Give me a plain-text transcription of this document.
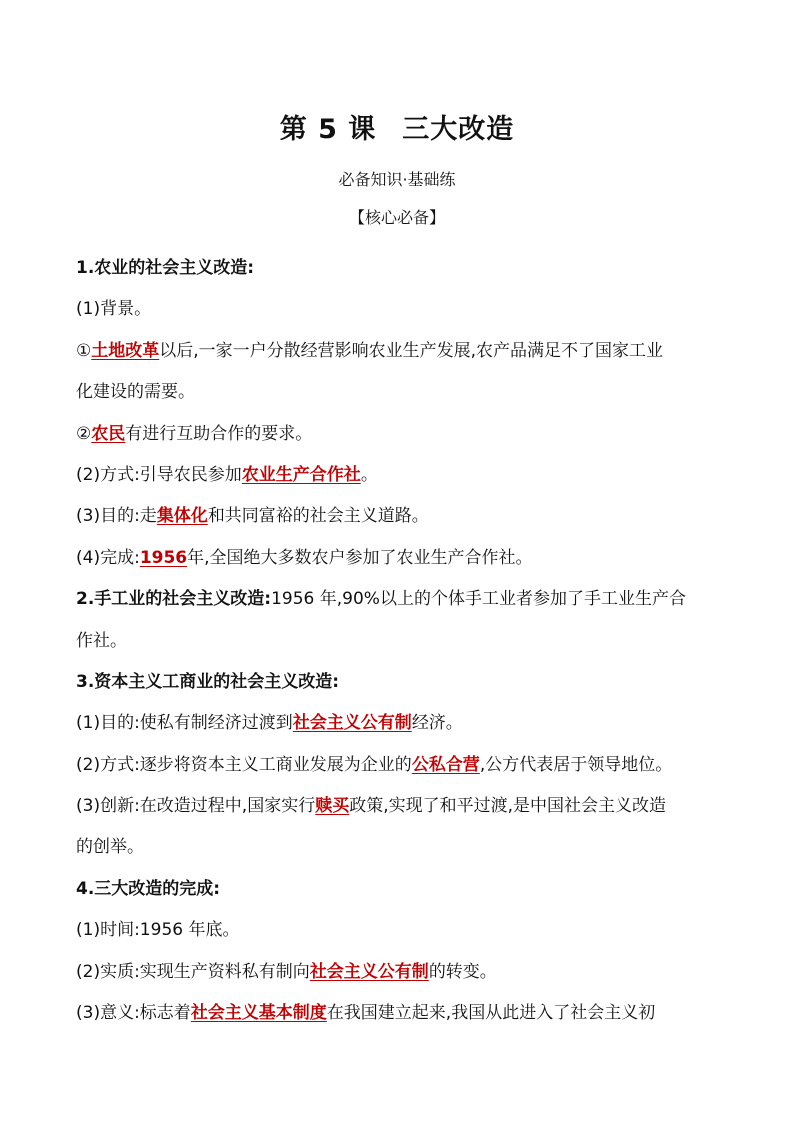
第 5 课 三大改造
必备知识·基础练
【核心必备】
1.农业的社会主义改造:
(1)背景。
①土地改革以后,一家一户分散经营影响农业生产发展,农产品满足不了国家工业
化建设的需要。
②农民有进行互助合作的要求。
(2)方式:引导农民参加农业生产合作社。
(3)目的:走集体化和共同富裕的社会主义道路。
(4)完成:1956年,全国绝大多数农户参加了农业生产合作社。
2.手工业的社会主义改造:1956 年,90%以上的个体手工业者参加了手工业生产合
作社。
3.资本主义工商业的社会主义改造:
(1)目的:使私有制经济过渡到社会主义公有制经济。
(2)方式:逐步将资本主义工商业发展为企业的公私合营,公方代表居于领导地位。
(3)创新:在改造过程中,国家实行赎买政策,实现了和平过渡,是中国社会主义改造
的创举。
4.三大改造的完成:
(1)时间:1956 年底。
(2)实质:实现生产资料私有制向社会主义公有制的转变。
(3)意义:标志着社会主义基本制度在我国建立起来,我国从此进入了社会主义初
